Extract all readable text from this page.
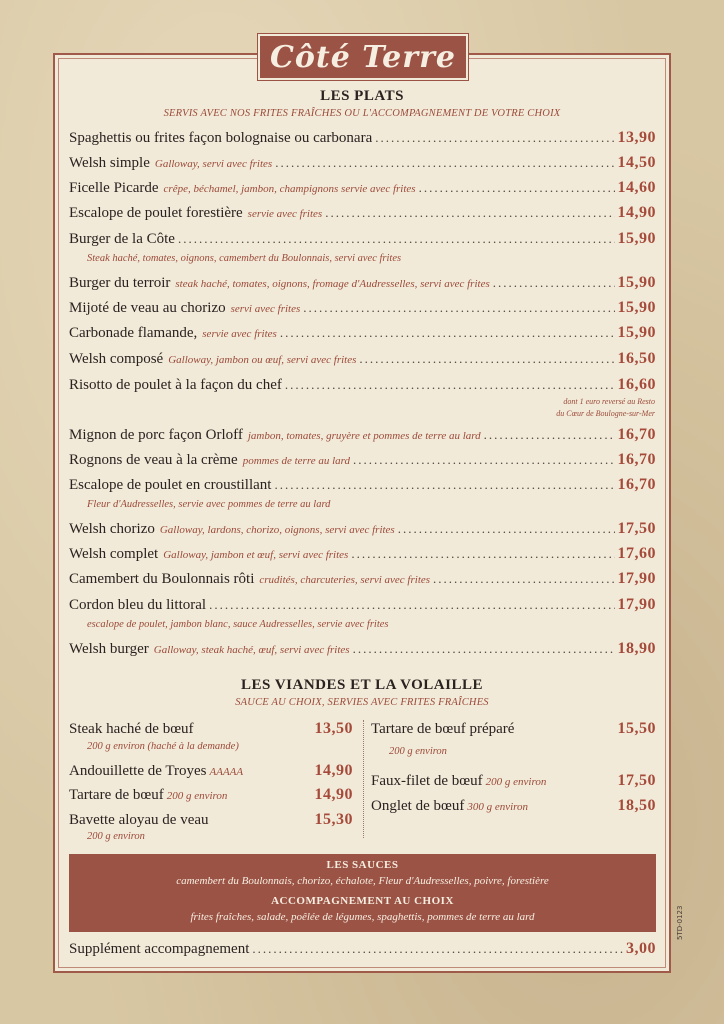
Côté Terre
LES PLATS
SERVIS AVEC NOS FRITES FRAÎCHES OU L'ACCOMPAGNEMENT DE VOTRE CHOIX
Spaghettis ou frites façon bolognaise ou carbonara .....	13,90
Welsh simple Galloway, servi avec frites .....	14,50
Ficelle Picarde crêpe, béchamel, jambon, champignons servie avec frites .....	14,60
Escalope de poulet forestière servie avec frites .....	14,90
Burger de la Côte .....	15,90
Steak haché, tomates, oignons, camembert du Boulonnais, servi avec frites
Burger du terroir steak haché, tomates, oignons, fromage d'Audresselles, servi avec frites .....	15,90
Mijoté de veau au chorizo servi avec frites .....	15,90
Carbonade flamande, servie avec frites .....	15,90
Welsh composé Galloway, jambon ou œuf, servi avec frites .....	16,50
Risotto de poulet à la façon du chef .....	16,60
dont 1 euro reversé au Resto
du Cœur de Boulogne-sur-Mer
Mignon de porc façon Orloff jambon, tomates, gruyère et pommes de terre au lard .....	16,70
Rognons de veau à la crème pommes de terre au lard .....	16,70
Escalope de poulet en croustillant .....	16,70
Fleur d'Audresselles, servie avec pommes de terre au lard
Welsh chorizo Galloway, lardons, chorizo, oignons, servi avec frites .....	17,50
Welsh complet Galloway, jambon et œuf, servi avec frites .....	17,60
Camembert du Boulonnais rôti crudités, charcuteries, servi avec frites .....	17,90
Cordon bleu du littoral .....	17,90
escalope de poulet, jambon blanc, sauce Audresselles, servie avec frites
Welsh burger Galloway, steak haché, œuf, servi avec frites .....	18,90
LES VIANDES ET LA VOLAILLE
SAUCE AU CHOIX, SERVIES AVEC FRITES FRAÎCHES
Steak haché de bœuf	13,50
200 g environ (haché à la demande)
Andouillette de Troyes AAAAA	14,90
Tartare de bœuf 200 g environ	14,90
Bavette aloyau de veau	15,30
200 g environ
Tartare de bœuf préparé	15,50
200 g environ
Faux-filet de bœuf 200 g environ	17,50
Onglet de bœuf 300 g environ	18,50
LES SAUCES
camembert du Boulonnais, chorizo, échalote, Fleur d'Audresselles, poivre, forestière
ACCOMPAGNEMENT AU CHOIX
frites fraîches, salade, poêlée de légumes, spaghettis, pommes de terre au lard
Supplément accompagnement .....	3,00
5TD-0123
